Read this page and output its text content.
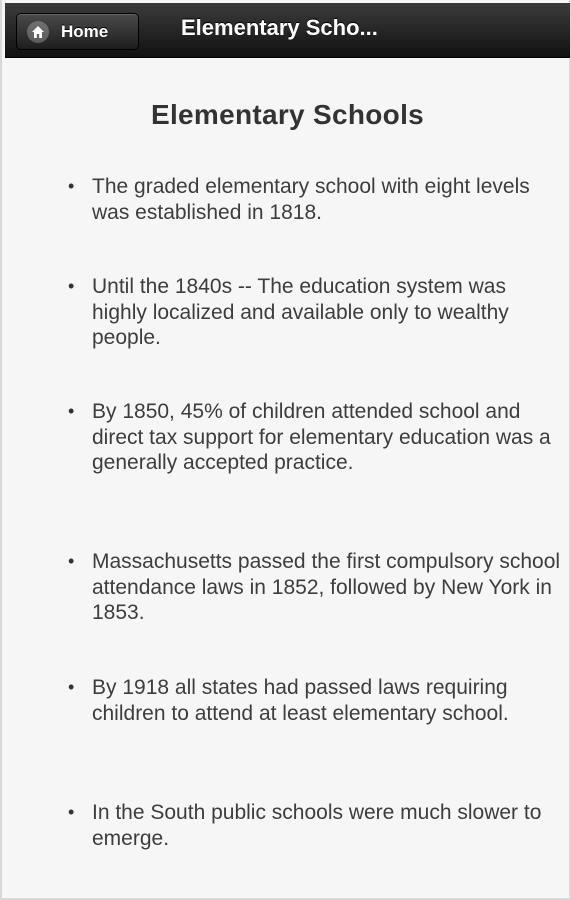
Home	Elementary Scho...
Elementary Schools
• The graded elementary school with eight levels was established in 1818.
• Until the 1840s -- The education system was highly localized and available only to wealthy people.
• By 1850, 45% of children attended school and direct tax support for elementary education was a generally accepted practice.
• Massachusetts passed the first compulsory school attendance laws in 1852, followed by New York in 1853.
• By 1918 all states had passed laws requiring children to attend at least elementary school.
• In the South public schools were much slower to emerge.
